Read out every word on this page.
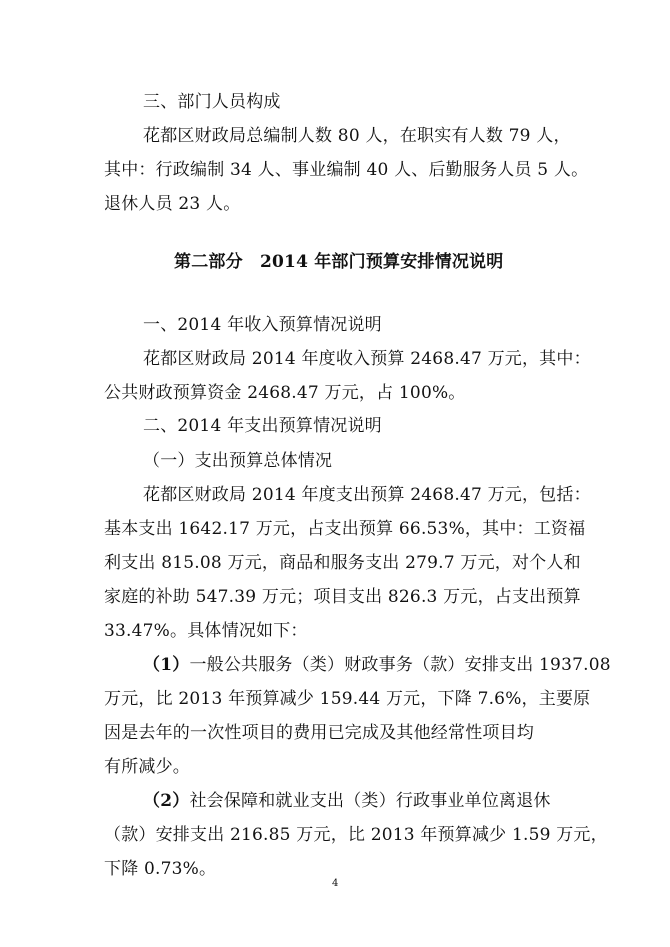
三、部门人员构成
花都区财政局总编制人数 80 人，在职实有人数 79 人，
其中：行政编制 34 人、事业编制 40 人、后勤服务人员 5 人。
退休人员 23 人。
第二部分　2014 年部门预算安排情况说明
一、2014 年收入预算情况说明
花都区财政局 2014 年度收入预算 2468.47 万元，其中：
公共财政预算资金 2468.47 万元，占 100%。
二、2014 年支出预算情况说明
（一）支出预算总体情况
花都区财政局 2014 年度支出预算 2468.47 万元，包括：
基本支出 1642.17 万元，占支出预算 66.53%，其中：工资福
利支出 815.08 万元，商品和服务支出 279.7 万元，对个人和
家庭的补助 547.39 万元；项目支出 826.3 万元，占支出预算
33.47%。具体情况如下：
（1）一般公共服务（类）财政事务（款）安排支出 1937.08
万元，比 2013 年预算减少 159.44 万元，下降 7.6%，主要原
因是去年的一次性项目的费用已完成及其他经常性项目均
有所减少。
（2）社会保障和就业支出（类）行政事业单位离退休
（款）安排支出 216.85 万元，比 2013 年预算减少 1.59 万元，
下降 0.73%。
4
